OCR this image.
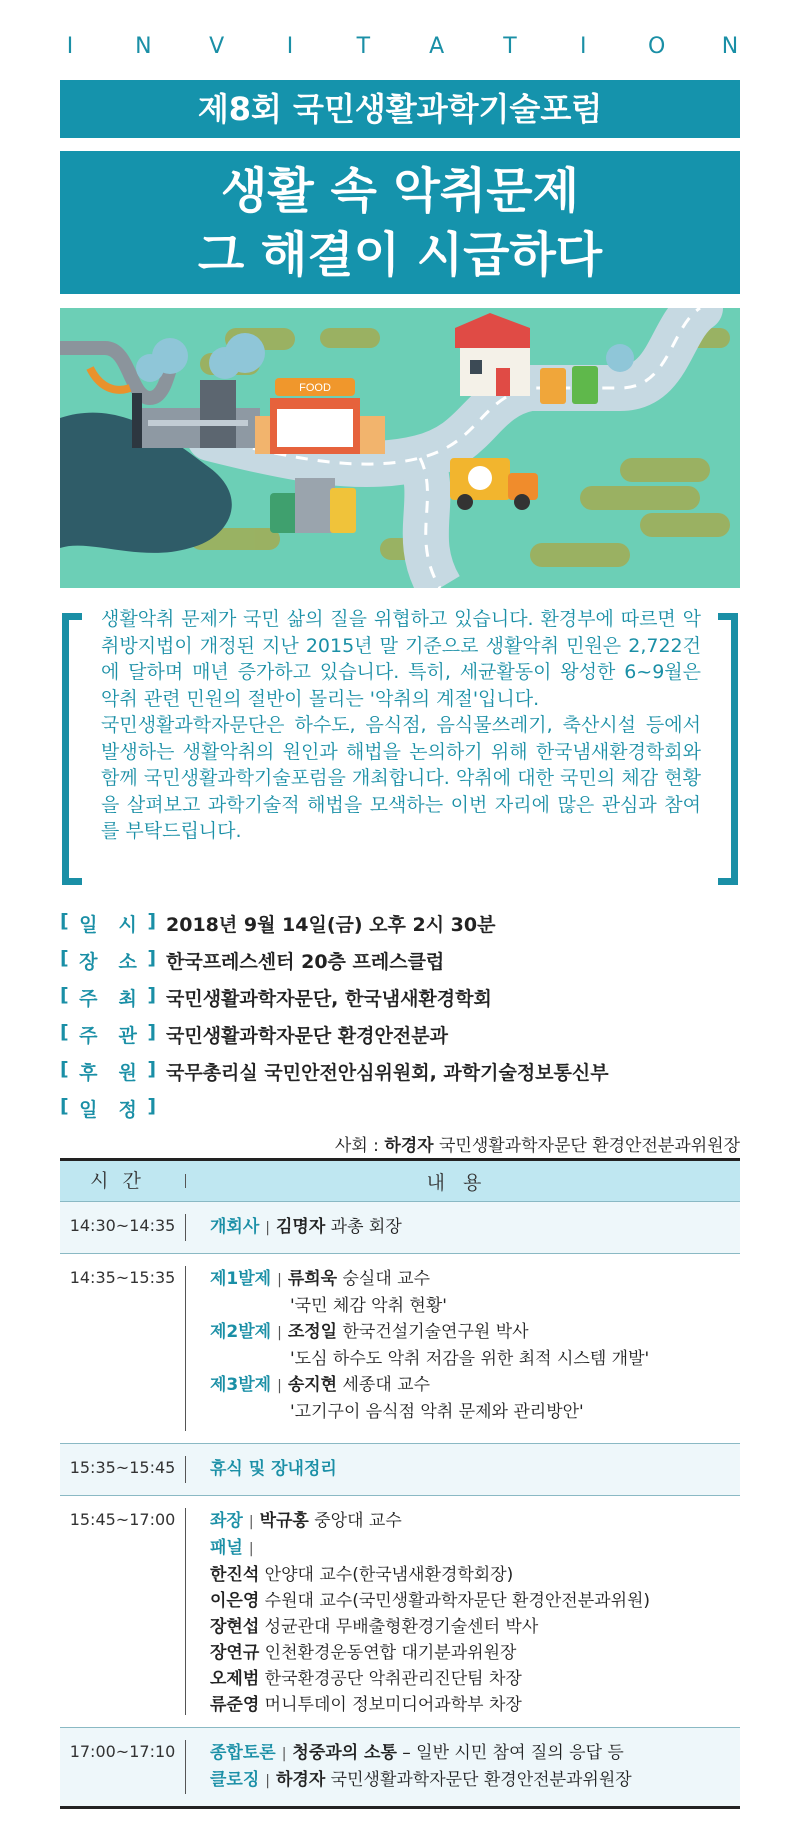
I	N	V	I	T	A	T	I	O	N
제8회 국민생활과학기술포럼
생활 속 악취문제
그 해결이 시급하다
FOOD

생활악취 문제가 국민 삶의 질을 위협하고 있습니다. 환경부에 따르면 악취방지법이 개정된 지난 2015년 말 기준으로 생활악취 민원은 2,722건에 달하며 매년 증가하고 있습니다. 특히, 세균활동이 왕성한 6~9월은 악취 관련 민원의 절반이 몰리는 '악취의 계절'입니다.

국민생활과학자문단은 하수도, 음식점, 음식물쓰레기, 축산시설 등에서 발생하는 생활악취의 원인과 해법을 논의하기 위해 한국냄새환경학회와 함께 국민생활과학기술포럼을 개최합니다. 악취에 대한 국민의 체감 현황을 살펴보고 과학기술적 해법을 모색하는 이번 자리에 많은 관심과 참여를 부탁드립니다.

[ 일 시 ] 2018년 9월 14일(금) 오후 2시 30분
[ 장 소 ] 한국프레스센터 20층 프레스클럽
[ 주 최 ] 국민생활과학자문단, 한국냄새환경학회
[ 주 관 ] 국민생활과학자문단 환경안전분과
[ 후 원 ] 국무총리실 국민안전안심위원회, 과학기술정보통신부
[ 일 정 ]
사회 : 하경자 국민생활과학자문단 환경안전분과위원장
시간	내용
14:30~14:35	개회사 | 김명자 과총 회장
14:35~15:35	제1발제 | 류희욱 숭실대 교수
'국민 체감 악취 현황'
제2발제 | 조정일 한국건설기술연구원 박사
'도심 하수도 악취 저감을 위한 최적 시스템 개발'
제3발제 | 송지현 세종대 교수
'고기구이 음식점 악취 문제와 관리방안'
15:35~15:45	휴식 및 장내정리
15:45~17:00	좌장 | 박규홍 중앙대 교수
패널 |
한진석 안양대 교수(한국냄새환경학회장)
이은영 수원대 교수(국민생활과학자문단 환경안전분과위원)
장현섭 성균관대 무배출형환경기술센터 박사
장연규 인천환경운동연합 대기분과위원장
오제범 한국환경공단 악취관리진단팀 차장
류준영 머니투데이 정보미디어과학부 차장
17:00~17:10	종합토론 | 청중과의 소통 – 일반 시민 참여 질의 응답 등
클로징 | 하경자 국민생활과학자문단 환경안전분과위원장
